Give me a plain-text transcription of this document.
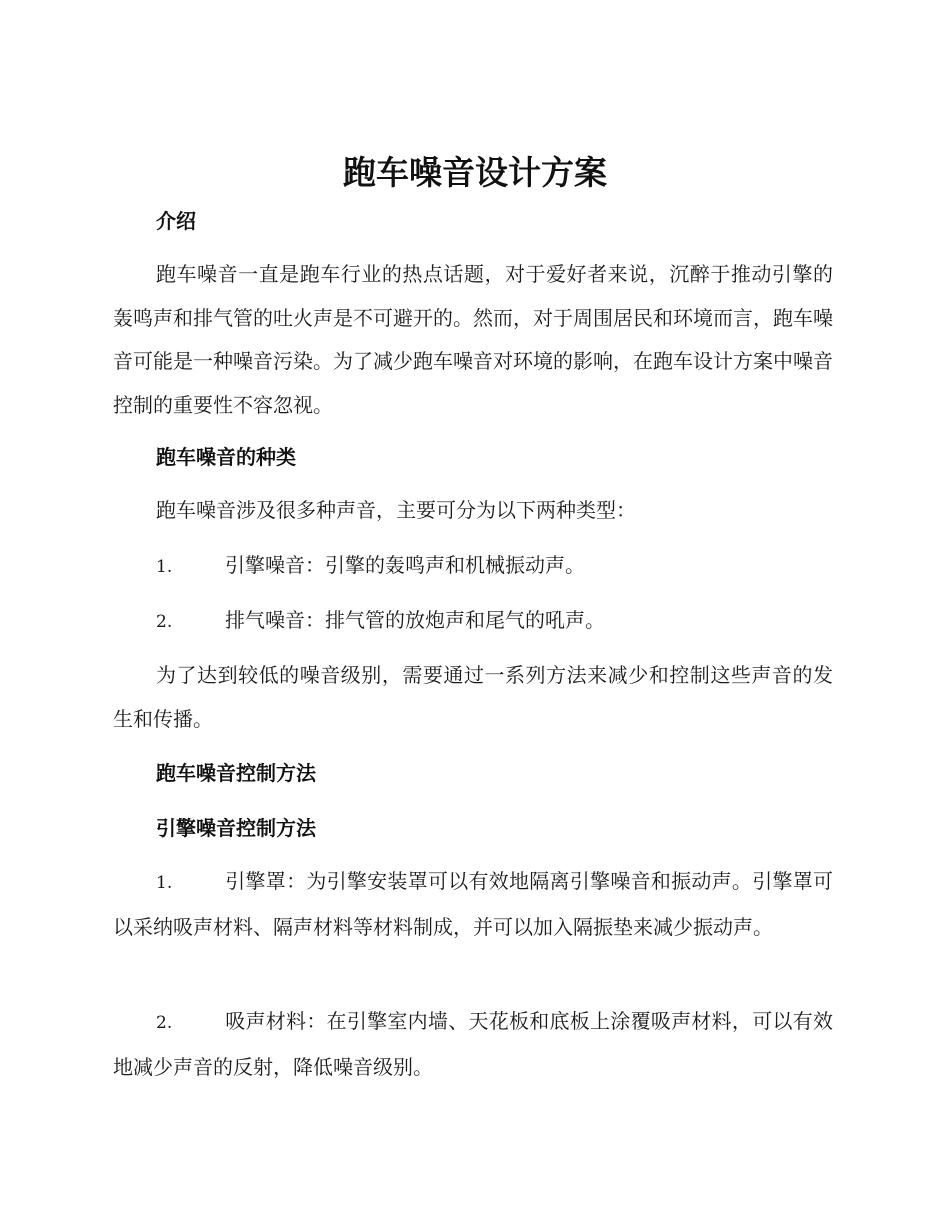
跑车噪音设计方案
介绍

跑车噪音一直是跑车行业的热点话题，对于爱好者来说，沉醉于推动引擎的轰鸣声和排气管的吐火声是不可避开的。然而，对于周围居民和环境而言，跑车噪音可能是一种噪音污染。为了减少跑车噪音对环境的影响，在跑车设计方案中噪音控制的重要性不容忽视。

跑车噪音的种类

跑车噪音涉及很多种声音，主要可分为以下两种类型：

1.	引擎噪音：引擎的轰鸣声和机械振动声。

2.	排气噪音：排气管的放炮声和尾气的吼声。

为了达到较低的噪音级别，需要通过一系列方法来减少和控制这些声音的发生和传播。

跑车噪音控制方法
引擎噪音控制方法

1.	引擎罩：为引擎安装罩可以有效地隔离引擎噪音和振动声。引擎罩可以采纳吸声材料、隔声材料等材料制成，并可以加入隔振垫来减少振动声。

2.	吸声材料：在引擎室内墙、天花板和底板上涂覆吸声材料，可以有效地减少声音的反射，降低噪音级别。
